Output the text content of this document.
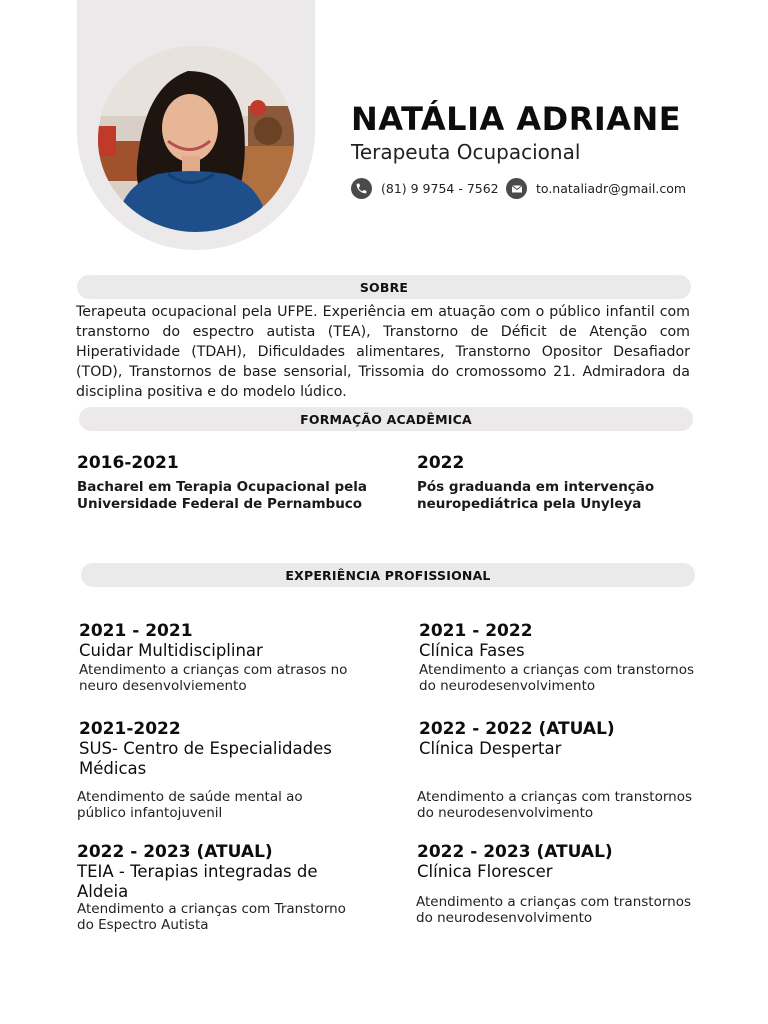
NATÁLIA ADRIANE

Terapeuta Ocupacional

(81) 9 9754 - 7562	to.nataliadr@gmail.com
SOBRE

Terapeuta ocupacional pela UFPE. Experiência em atuação com o público infantil com transtorno do espectro autista (TEA), Transtorno de Déficit de Atenção com Hiperatividade (TDAH), Dificuldades alimentares, Transtorno Opositor Desafiador (TOD), Transtornos de base sensorial, Trissomia do cromossomo 21. Admiradora da disciplina positiva e do modelo lúdico.

FORMAÇÃO ACADÊMICA
2016-2021
Bacharel em Terapia Ocupacional pela Universidade Federal de Pernambuco
2022
Pós graduanda em intervenção neuropediátrica pela Unyleya
EXPERIÊNCIA PROFISSIONAL
2021 - 2021
Cuidar Multidisciplinar
Atendimento a crianças com atrasos no neuro desenvolviemento
2021 - 2022
Clínica Fases
Atendimento a crianças com transtornos do neurodesenvolvimento
2021-2022
SUS- Centro de Especialidades Médicas
Atendimento de saúde mental ao público infantojuvenil
2022 - 2022 (ATUAL)
Clínica Despertar
Atendimento a crianças com transtornos do neurodesenvolvimento
2022 - 2023 (ATUAL)
TEIA - Terapias integradas de Aldeia
Atendimento a crianças com Transtorno do Espectro Autista
2022 - 2023 (ATUAL)
Clínica Florescer
Atendimento a crianças com transtornos do neurodesenvolvimento
